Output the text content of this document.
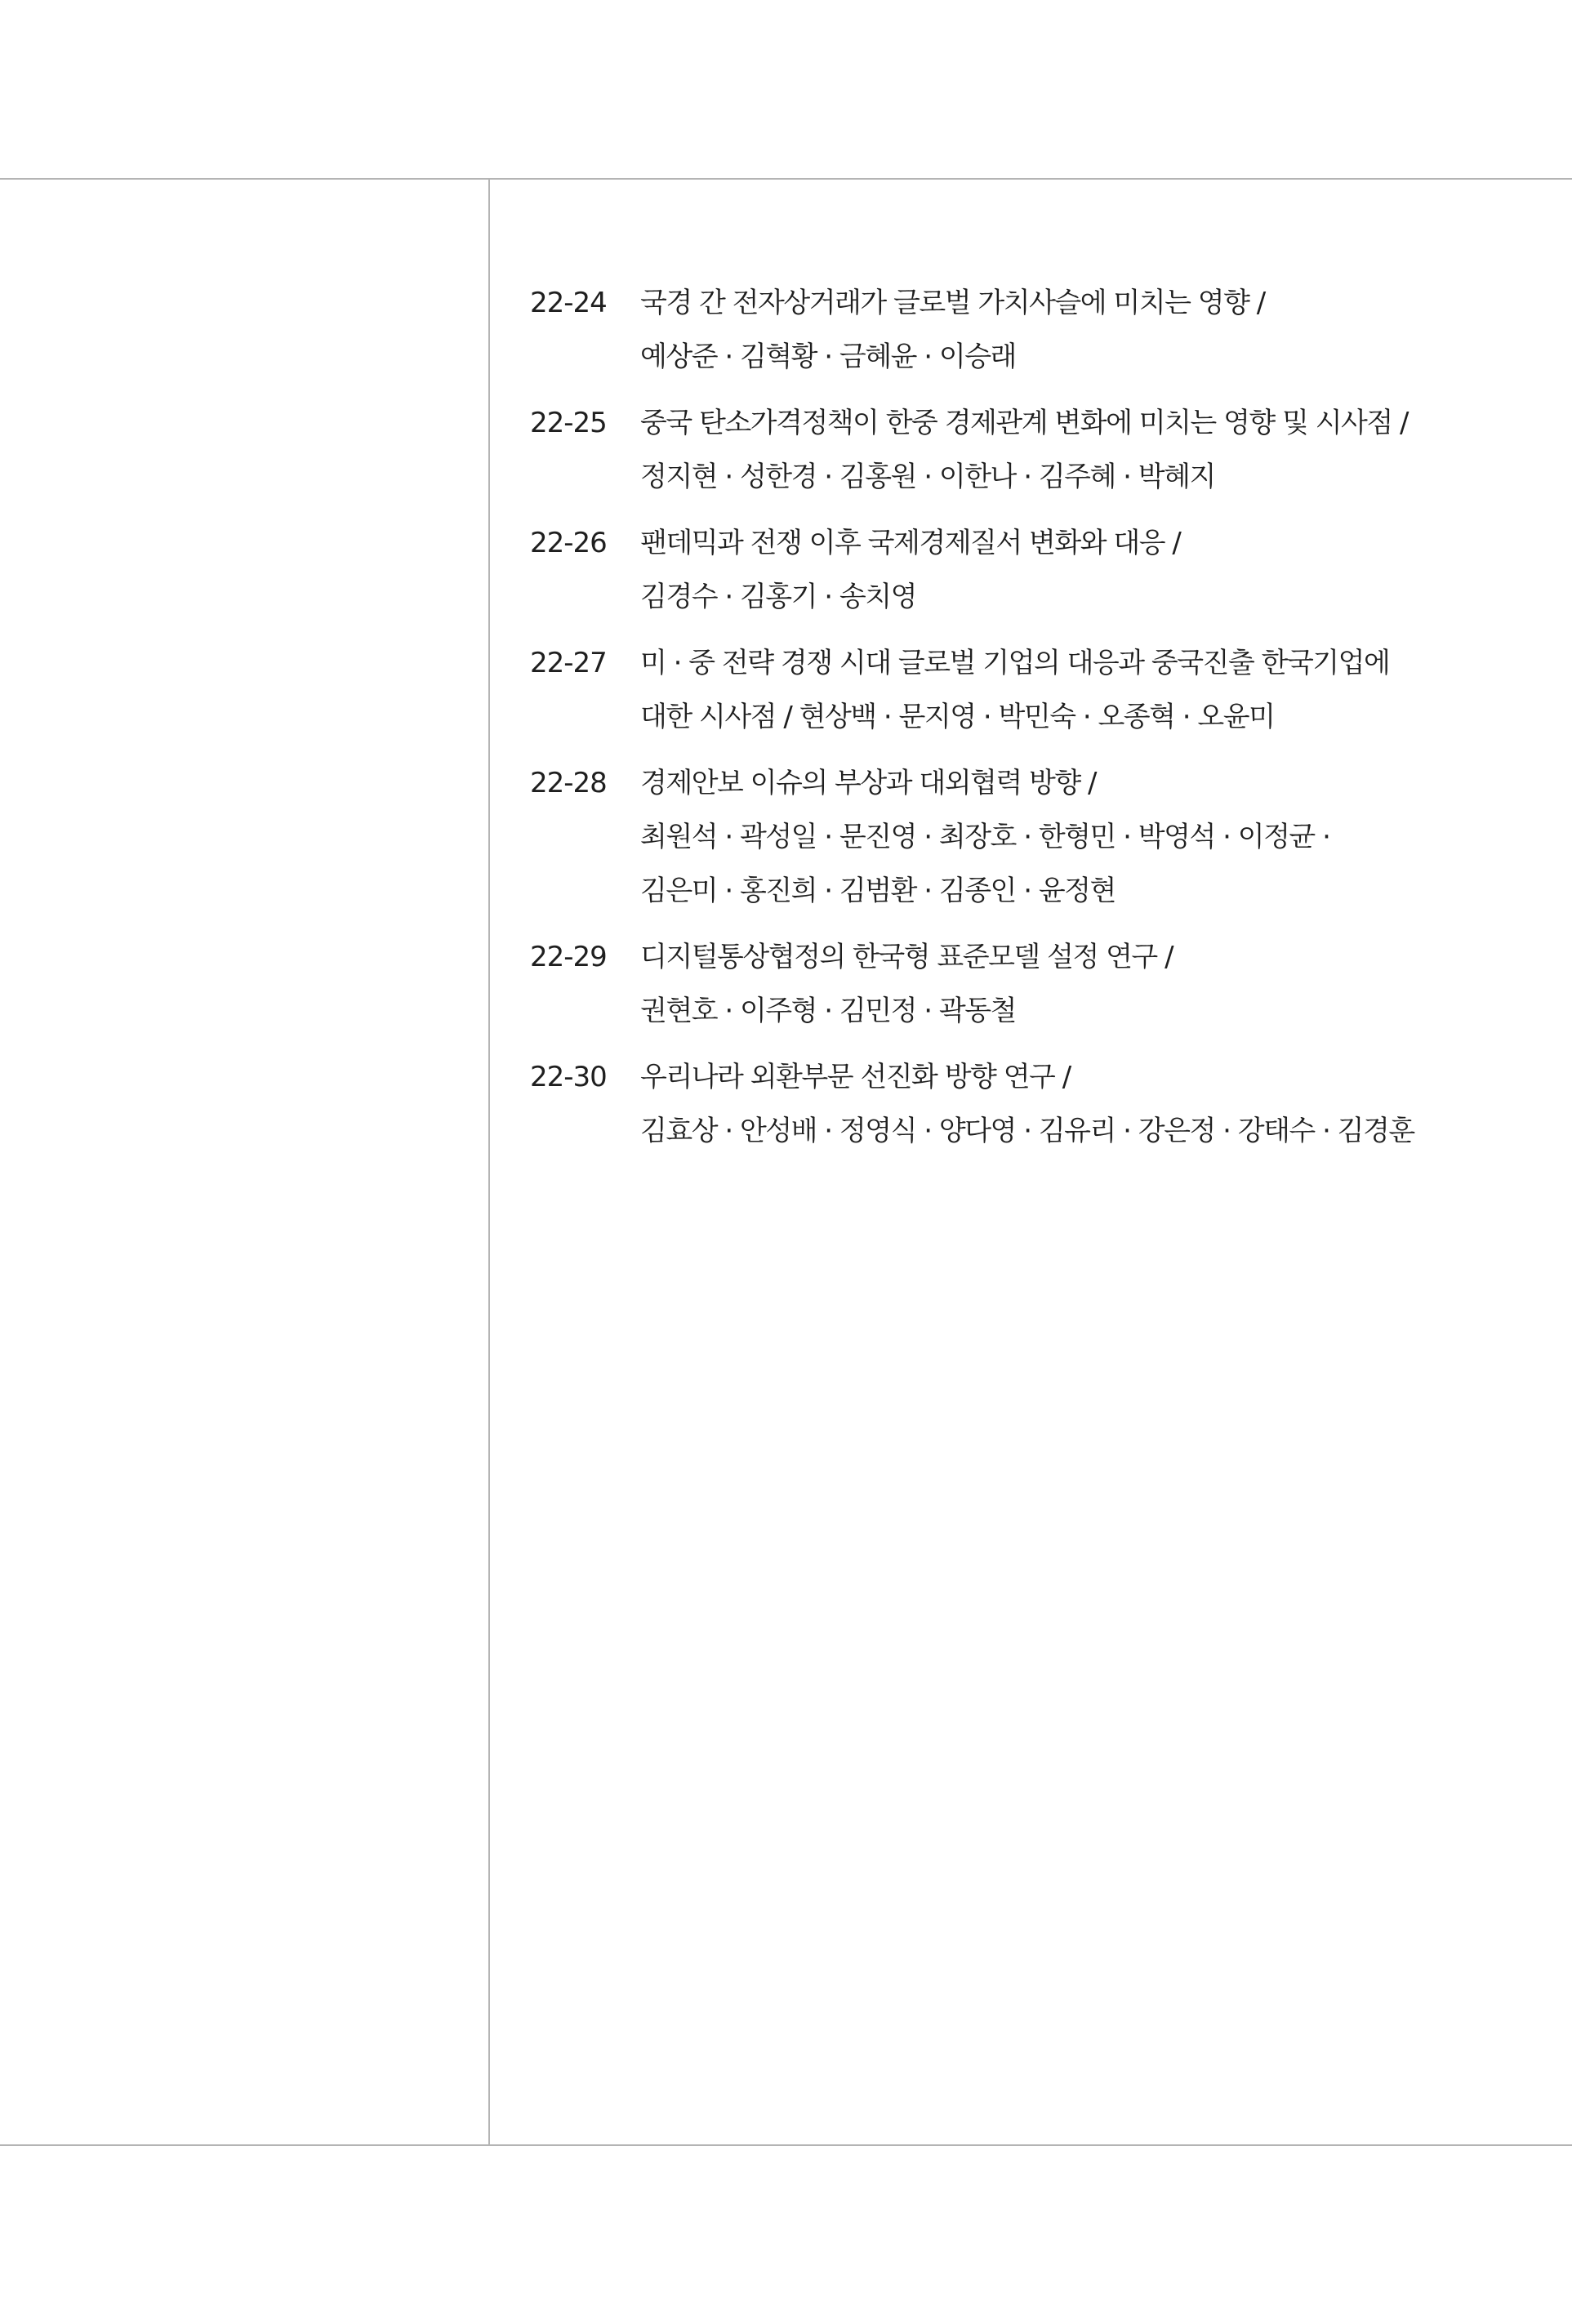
22-24	국경 간 전자상거래가 글로벌 가치사슬에 미치는 영향 /
예상준 · 김혁황 · 금혜윤 · 이승래
22-25	중국 탄소가격정책이 한중 경제관계 변화에 미치는 영향 및 시사점 /
정지현 · 성한경 · 김홍원 · 이한나 · 김주혜 · 박혜지
22-26	팬데믹과 전쟁 이후 국제경제질서 변화와 대응 /
김경수 · 김홍기 · 송치영
22-27	미 · 중 전략 경쟁 시대 글로벌 기업의 대응과 중국진출 한국기업에
대한 시사점 / 현상백 · 문지영 · 박민숙 · 오종혁 · 오윤미
22-28	경제안보 이슈의 부상과 대외협력 방향 /
최원석 · 곽성일 · 문진영 · 최장호 · 한형민 · 박영석 · 이정균 ·
김은미 · 홍진희 · 김범환 · 김종인 · 윤정현
22-29	디지털통상협정의 한국형 표준모델 설정 연구 /
권현호 · 이주형 · 김민정 · 곽동철
22-30	우리나라 외환부문 선진화 방향 연구 /
김효상 · 안성배 · 정영식 · 양다영 · 김유리 · 강은정 · 강태수 · 김경훈
